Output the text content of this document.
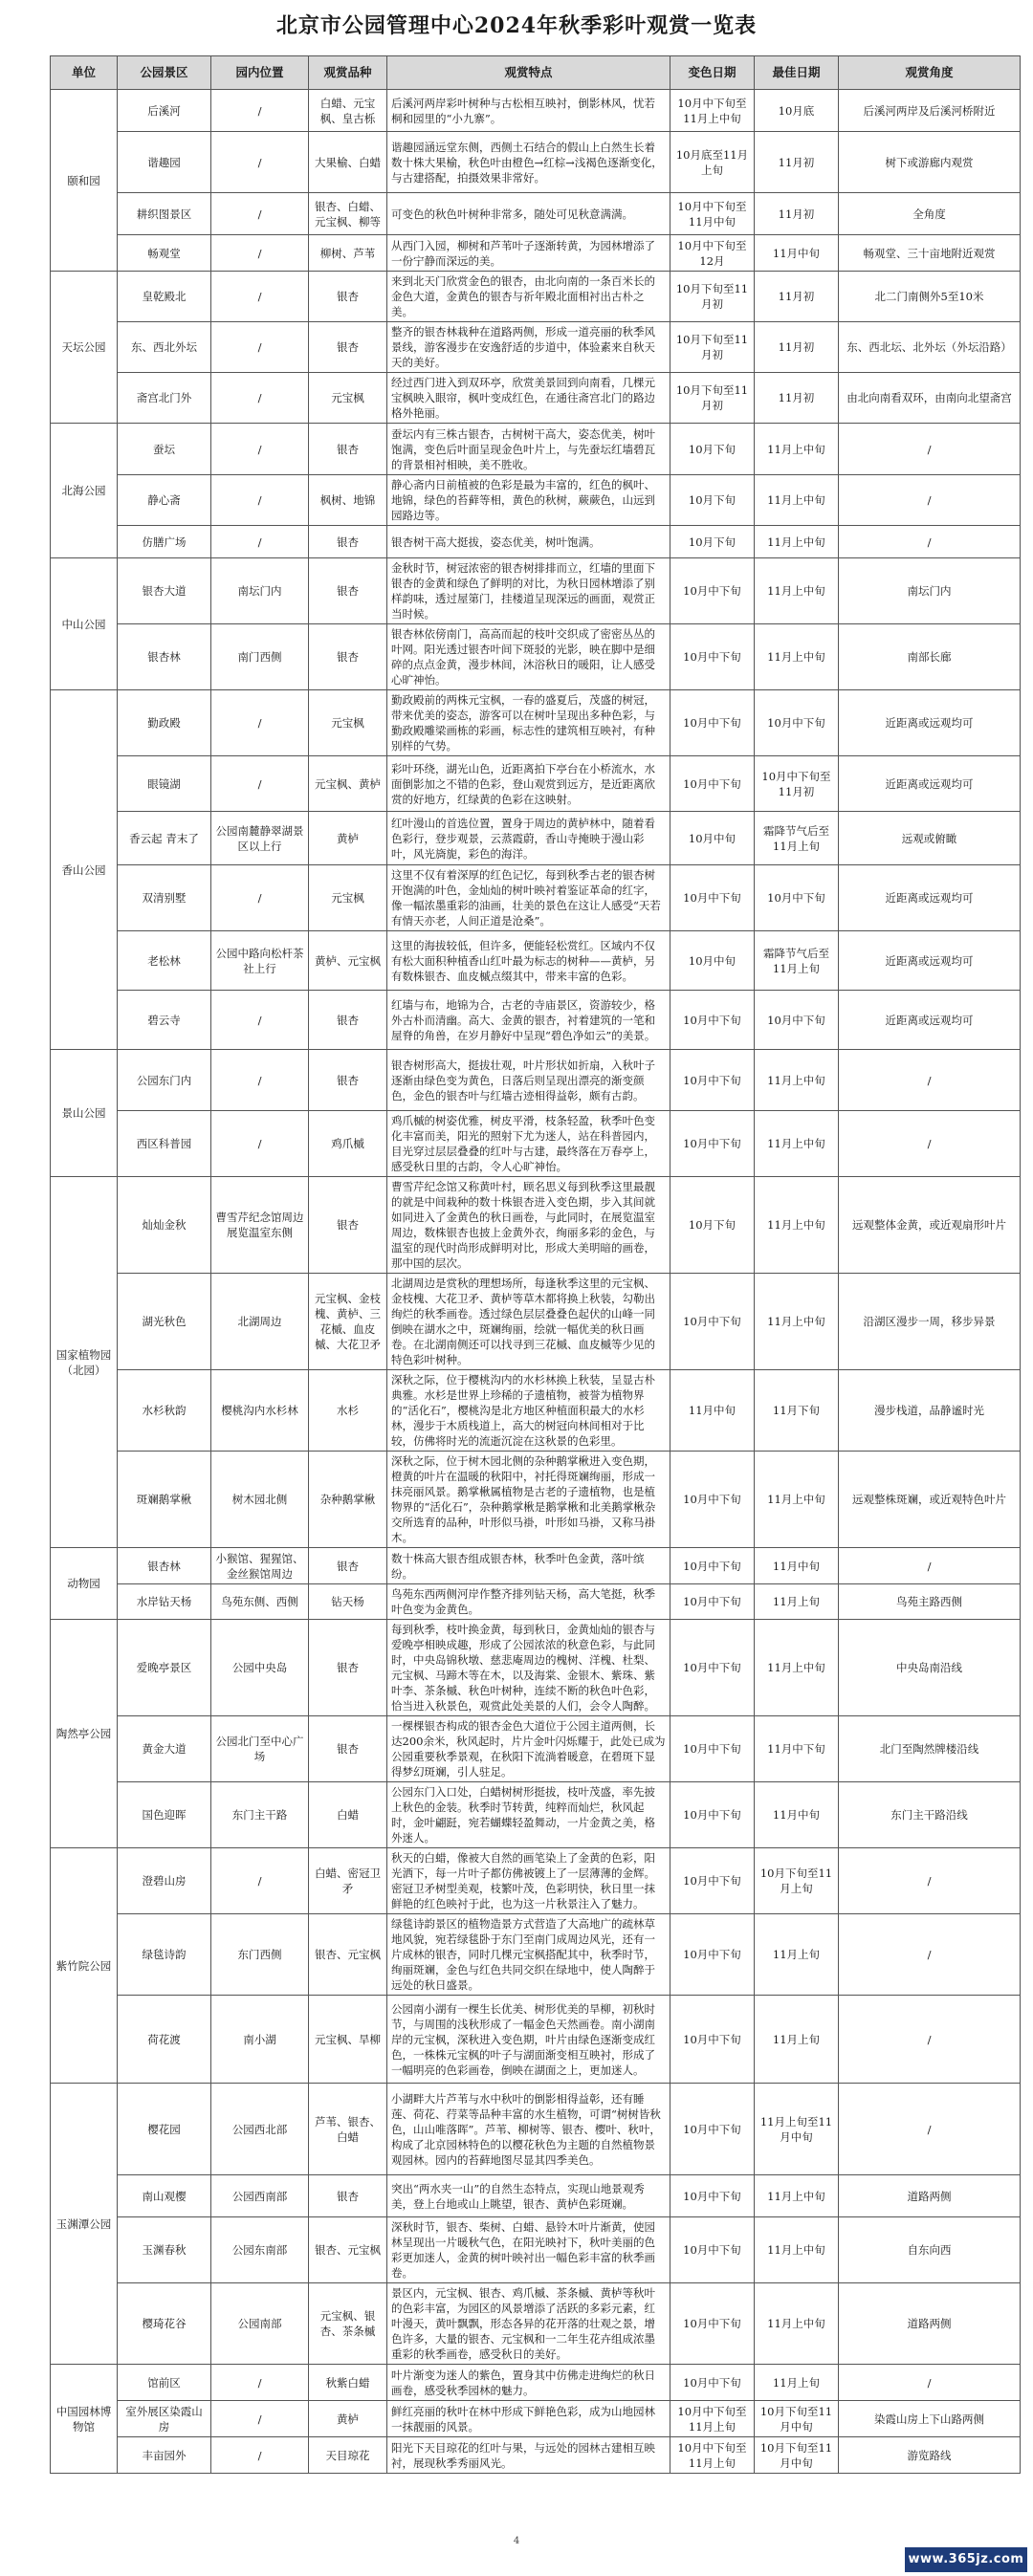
北京市公园管理中心2024年秋季彩叶观赏一览表
单位	公园景区	园内位置	观赏品种	观赏特点	变色日期	最佳日期	观赏角度
颐和园	后溪河	/	白蜡、元宝枫、皇古栎	后溪河两岸彩叶树种与古松相互映衬，倒影林风，忧若桐和园里的“小九寨”。	10月中下旬至11月上中旬	10月底	后溪河两岸及后溪河桥附近
	谐趣园	/	大果榆、白蜡	谐趣园涵远堂东侧，西侧土石结合的假山上白然生长着数十株大果榆，秋色叶由橙色→红棕→浅褐色逐渐变化，与古建搭配，拍摄效果非常好。	10月底至11月上旬	11月初	树下或游廊内观赏
	耕织图景区	/	银杏、白蜡、元宝枫、柳等	可变色的秋色叶树种非常多，随处可见秋意满满。	10月中下旬至11月中旬	11月初	全角度
	畅观堂	/	柳树、芦苇	从西门入园，柳树和芦苇叶子逐渐转黄，为园林增添了一份宁静而深远的美。	10月中下旬至12月	11月中旬	畅观堂、三十亩地附近观赏
天坛公园	皇乾殿北	/	银杏	来到北天门欣赏金色的银杏，由北向南的一条百米长的金色大道，金黄色的银杏与祈年殿北面相衬出古朴之美。	10月下旬至11月初	11月初	北二门南侧外5至10米
	东、西北外坛	/	银杏	整齐的银杏林栽种在道路两侧，形成一道亮丽的秋季风景线，游客漫步在安逸舒适的步道中，体验素来自秋天天的美好。	10月下旬至11月初	11月初	东、西北坛、北外坛（外坛沿路）
	斋宫北门外	/	元宝枫	经过西门进入到双环亭，欣赏美景回到向南看，几棵元宝枫映入眼帘，枫叶变成红色，在通往斋宫北门的路边格外艳丽。	10月下旬至11月初	11月初	由北向南看双环，由南向北望斋宫
北海公园	蚕坛	/	银杏	蚕坛内有三株古银杏，古树树干高大，姿态优美，树叶饱满，变色后叶面呈现金色叶片上，与先蚕坛红墙碧瓦的背景相衬相映，美不胜收。	10月下旬	11月上中旬	/
	静心斋	/	枫树、地锦	静心斋内日前植被的色彩是最为丰富的，红色的枫叶、地锦，绿色的苔藓等相，黄色的秋树，蕨蕨色，山远到园路边等。	10月下旬	11月上中旬	/
	仿膳广场	/	银杏	银杏树干高大挺拔，姿态优美，树叶饱满。	10月下旬	11月上中旬	/
中山公园	银杏大道	南坛门内	银杏	金秋时节，树冠浓密的银杏树排排而立，红墙的里面下银杏的金黄和绿色了鲜明的对比，为秋日园林增添了别样韵味，透过屋第门，挂楼道呈现深远的画面，观赏正当时候。	10月中下旬	11月上中旬	南坛门内
	银杏林	南门西侧	银杏	银杏林依傍南门，高高而起的枝叶交织成了密密丛丛的叶网。阳光透过银杏叶间下斑驳的光影，映在脚中是细碎的点点金黄，漫步林间，沐浴秋日的暖阳，让人感受心旷神怡。	10月中下旬	11月上中旬	南部长廊
香山公园	勤政殿	/	元宝枫	勤政殿前的两株元宝枫，一春的盛夏后，茂盛的树冠，带来优美的姿态，游客可以在树叶呈现出多种色彩，与勤政殿雕梁画栋的彩画，标志性的建筑相互映衬，有种别样的气势。	10月中下旬	10月中下旬	近距离或远观均可
	眼镜湖	/	元宝枫、黄栌	彩叶环绕，湖光山色，近距离拍下亭台在小桥流水，水面倒影加之不错的色彩，登山观赏到远方，是近距离欣赏的好地方，红绿黄的色彩在这映射。	10月中下旬	10月中下旬至11月初	近距离或远观均可
	香云起 青末了	公园南麓静翠湖景区以上行	黄栌	红叶漫山的首选位置，置身于周边的黄栌林中，随着看色彩行，登步观景，云蒸霞蔚，香山寺掩映于漫山彩叶，风光旖旎，彩色的海洋。	10月中旬	霜降节气后至11月上旬	远观或俯瞰
	双清别墅	/	元宝枫	这里不仅有着深厚的红色记忆，每到秋季古老的银杏树开饱满的叶色，金灿灿的树叶映衬着鉴证革命的红字，像一幅浓墨重彩的油画，壮美的景色在这让人感受“天若有情天亦老，人间正道是沧桑”。	10月中下旬	10月中下旬	近距离或远观均可
	老松林	公园中路向松杆茶社上行	黄栌、元宝枫	这里的海拔较低，但许多，便能轻松赏红。区域内不仅有松大面积种植香山红叶最为标志的树种——黄栌，另有数株银杏、血皮槭点缀其中，带来丰富的色彩。	10月中旬	霜降节气后至11月上旬	近距离或远观均可
	碧云寺	/	银杏	红墙与布，地锦为合，古老的寺庙景区，资游较少，格外古朴而清幽。高大、金黄的银杏，衬着建筑的一笔和屋脊的角兽，在岁月静好中呈现“碧色净如云”的美景。	10月中下旬	10月中下旬	近距离或远观均可
景山公园	公园东门内	/	银杏	银杏树形高大，挺拔壮观，叶片形状如折扇，入秋叶子逐渐由绿色变为黄色，日落后则呈现出漂亮的渐变颜色，金色的银杏叶与红墙古迹相得益彰，颇有古韵。	10月中下旬	11月上中旬	/
	西区科普园	/	鸡爪槭	鸡爪槭的树姿优雅，树皮平滑，枝条轻盈，秋季叶色变化丰富而美，阳光的照射下尤为迷人，站在科普园内，目光穿过层层叠叠的红叶与古建，最终落在万春亭上，感受秋日里的古韵，令人心旷神怡。	10月中下旬	11月上中旬	/
国家植物园（北园）	灿灿金秋	曹雪芹纪念馆周边展览温室东侧	银杏	曹雪芹纪念馆又称黄叶村，顾名思义每到秋季这里最靓的就是中间栽种的数十株银杏进入变色期，步入其间就如同进入了金黄色的秋日画卷，与此同时，在展览温室周边，数株银杏也披上金黄外衣，绚丽多彩的金色，与温室的现代时尚形成鲜明对比，形成大美明暗的画卷，那中国的层次。	10月下旬	11月上中旬	远观整体金黄，或近观扇形叶片
	湖光秋色	北湖周边	元宝枫、金枝槐、黄栌、三花槭、血皮槭、大花卫矛	北湖周边是赏秋的理想场所，每逢秋季这里的元宝枫、金枝槐、大花卫矛、黄栌等草木都将换上秋装，勾勒出绚烂的秋季画卷。透过绿色层层叠叠色起伏的山峰一同倒映在湖水之中，斑斓绚丽，绘就一幅优美的秋日画卷。在北湖南侧还可以找寻到三花槭、血皮槭等少见的特色彩叶树种。	10月中下旬	11月上中旬	沿湖区漫步一周，移步异景
	水杉秋韵	樱桃沟内水杉林	水杉	深秋之际，位于樱桃沟内的水杉林换上秋装，呈显古朴典雅。水杉是世界上珍稀的子遗植物，被誉为植物界的“活化石”，樱桃沟是北方地区种植面积最大的水杉林，漫步于木质栈道上，高大的树冠向林间相对于比较，仿佛将时光的流逝沉淀在这秋景的色彩里。	11月中旬	11月下旬	漫步栈道，品静谧时光
	斑斓鹅掌楸	树木园北侧	杂种鹅掌楸	深秋之际，位于树木园北侧的杂种鹅掌楸进入变色期，橙黄的叶片在温暖的秋阳中，衬托得斑斓绚丽，形成一抹亮丽风景。鹅掌楸属植物是古老的子遗植物，也是植物界的“活化石”，杂种鹅掌楸是鹅掌楸和北美鹅掌楸杂交所选育的品种，叶形似马褂，叶形如马褂，又称马褂木。	10月中下旬	11月上中旬	远观整株斑斓，或近观特色叶片
动物园	银杏林	小猴馆、猩猩馆、金丝猴馆周边	银杏	数十株高大银杏组成银杏林，秋季叶色金黄，落叶缤纷。	10月中下旬	11月中旬	/
	水岸钻天杨	鸟苑东侧、西侧	钻天杨	鸟苑东西两侧河岸作整齐排列钻天杨，高大笔挺，秋季叶色变为金黄色。	10月中下旬	11月上旬	鸟苑主路西侧
陶然亭公园	爱晚亭景区	公园中央岛	银杏	每到秋季，枝叶换金黄，每到秋日，金黄灿灿的银杏与爱晚亭相映成趣，形成了公园浓浓的秋意色彩，与此同时，中央岛锦秋墩、慈悲庵周边的槐树、洋槐、杜梨、元宝枫、马蹄木等在木，以及海棠、金银木、紫珠、紫叶李、茶条槭、秋色叶树种，连续不断的秋色叶色彩，恰当进入秋景色，观赏此处美景的人们，会令人陶醉。	10月中下旬	11月上中旬	中央岛南沿线
	黄金大道	公园北门至中心广场	银杏	一棵棵银杏构成的银杏金色大道位于公园主道两侧，长达200余米，秋风起时，片片金叶闪烁耀于，此处已成为公园重要秋季景观，在秋阳下流淌着暖意，在碧斑下显得梦幻斑斓，引人驻足。	10月中下旬	11月中下旬	北门至陶然牌楼沿线
	国色迎晖	东门主干路	白蜡	公园东门入口处，白蜡树树形挺拔，枝叶茂盛，率先披上秋色的金装。秋季时节转黄，纯粹而灿烂，秋风起时，金叶翩跹，宛若蝴蝶轻盈舞动，一片金黄之美，格外迷人。	10月中下旬	11月中旬	东门主干路沿线
紫竹院公园	澄碧山房	/	白蜡、密冠卫矛	秋天的白蜡，像被大自然的画笔染上了金黄的色彩，阳光洒下，每一片叶子都仿佛被镀上了一层薄薄的金辉。密冠卫矛树型美观，枝繁叶茂，色彩明快，秋日里一抹鲜艳的红色映衬于此，也为这一片秋景注入了魅力。	10月中下旬	10月下旬至11月上旬	/
	绿毯诗韵	东门西侧	银杏、元宝枫	绿毯诗韵景区的植物造景方式营造了大高地广的疏林草地风貌，宛若绿毯卧于东门至南门成周边风光，还有一片成林的银杏，同时几棵元宝枫搭配其中，秋季时节，绚丽斑斓，金色与红色共同交织在绿地中，使人陶醉于远处的秋日盛景。	10月中下旬	11月上旬	/
	荷花渡	南小湖	元宝枫、旱柳	公园南小湖有一棵生长优美、树形优美的旱柳，初秋时节，与周围的浅秋形成了一幅金色天然画卷。南小湖南岸的元宝枫，深秋进入变色期，叶片由绿色逐渐变成红色，一株株元宝枫的叶子与湖面渐变相互映衬，形成了一幅明亮的色彩画卷，倒映在湖面之上，更加迷人。	10月中下旬	11月上旬	/
玉渊潭公园	樱花园	公园西北部	芦苇、银杏、白蜡	小湖畔大片芦苇与水中秋叶的倒影相得益彰，还有睡莲、荷花、荇菜等品种丰富的水生植物，可谓“树树皆秋色，山山唯落晖”。芦苇、柳树等、银杏、樱叶、秋叶，构成了北京园林特色的以樱花秋色为主题的自然植物景观园林。园内的苔藓地图尽显其四季美色。	10月中下旬	11月上旬至11月中旬	/
	南山观樱	公园西南部	银杏	突出“两水夹一山”的自然生态特点，实现山地景观秀美，登上台地或山上眺望，银杏、黄栌色彩斑斓。	10月中下旬	11月上中旬	道路两侧
	玉渊春秋	公园东南部	银杏、元宝枫	深秋时节，银杏、柴树、白蜡、悬铃木叶片渐黄，使园林呈现出一片暖秋气色，在阳光映衬下，秋叶美丽的色彩更加迷人，金黄的树叶映衬出一幅色彩丰富的秋季画卷。	10月中下旬	11月上中旬	自东向西
	樱琦花谷	公园南部	元宝枫、银杏、茶条槭	景区内，元宝枫、银杏、鸡爪槭、茶条槭、黄栌等秋叶的色彩丰富，为园区的风景增添了活跃的多彩元素，红叶漫天，黄叶飘飘，形态各异的花开落的壮观之景，增色许多，大量的银杏、元宝枫和一二年生花卉组成浓墨重彩的秋季画卷，感受秋日的美好。	10月中下旬	11月上中旬	道路两侧
中国园林博物馆	馆前区	/	秋紫白蜡	叶片渐变为迷人的紫色，置身其中仿佛走进绚烂的秋日画卷，感受秋季园林的魅力。	10月中下旬	11月上旬	/
	室外展区染霞山房	/	黄栌	鲜红亮丽的秋叶在林中形成下鲜艳色彩，成为山地园林一抹靓丽的风景。	10月中下旬至11月上旬	10月下旬至11月中旬	染霞山房上下山路两侧
	丰亩园外	/	天目琼花	阳光下天目琼花的红叶与果，与远处的园林古建相互映衬，展现秋季秀丽风光。	10月中下旬至11月上旬	10月下旬至11月中旬	游览路线
4
www.365jz.com
